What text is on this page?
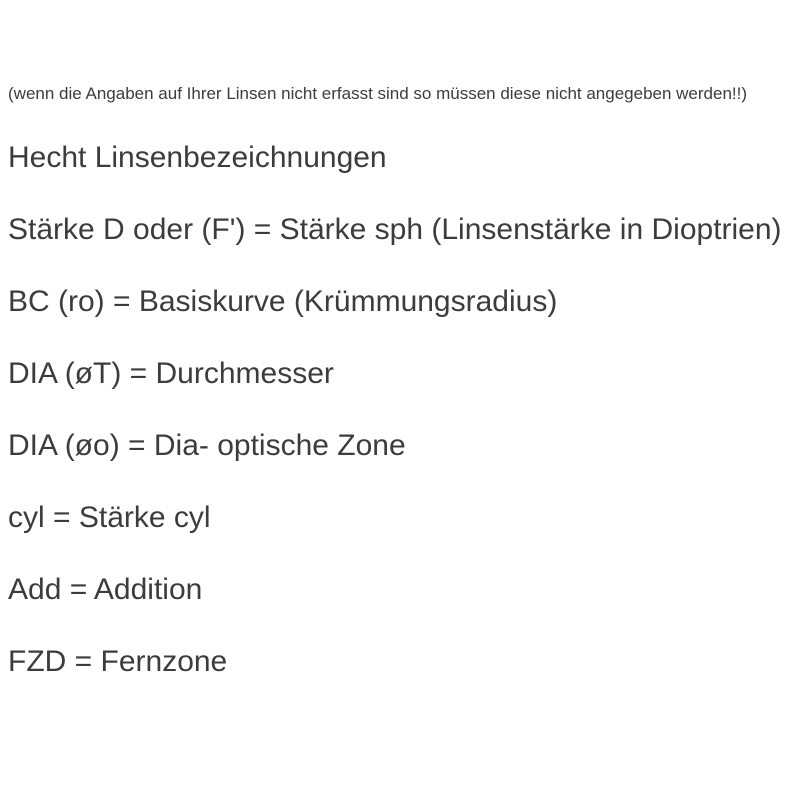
(wenn die Angaben auf Ihrer Linsen nicht erfasst sind so müssen diese nicht angegeben werden!!)

Hecht Linsenbezeichnungen

Stärke D oder (F') = Stärke sph (Linsenstärke in Dioptrien)

BC (ro) = Basiskurve (Krümmungsradius)

DIA (øT) = Durchmesser

DIA (øo) = Dia- optische Zone

cyl = Stärke cyl

Add = Addition

FZD = Fernzone
